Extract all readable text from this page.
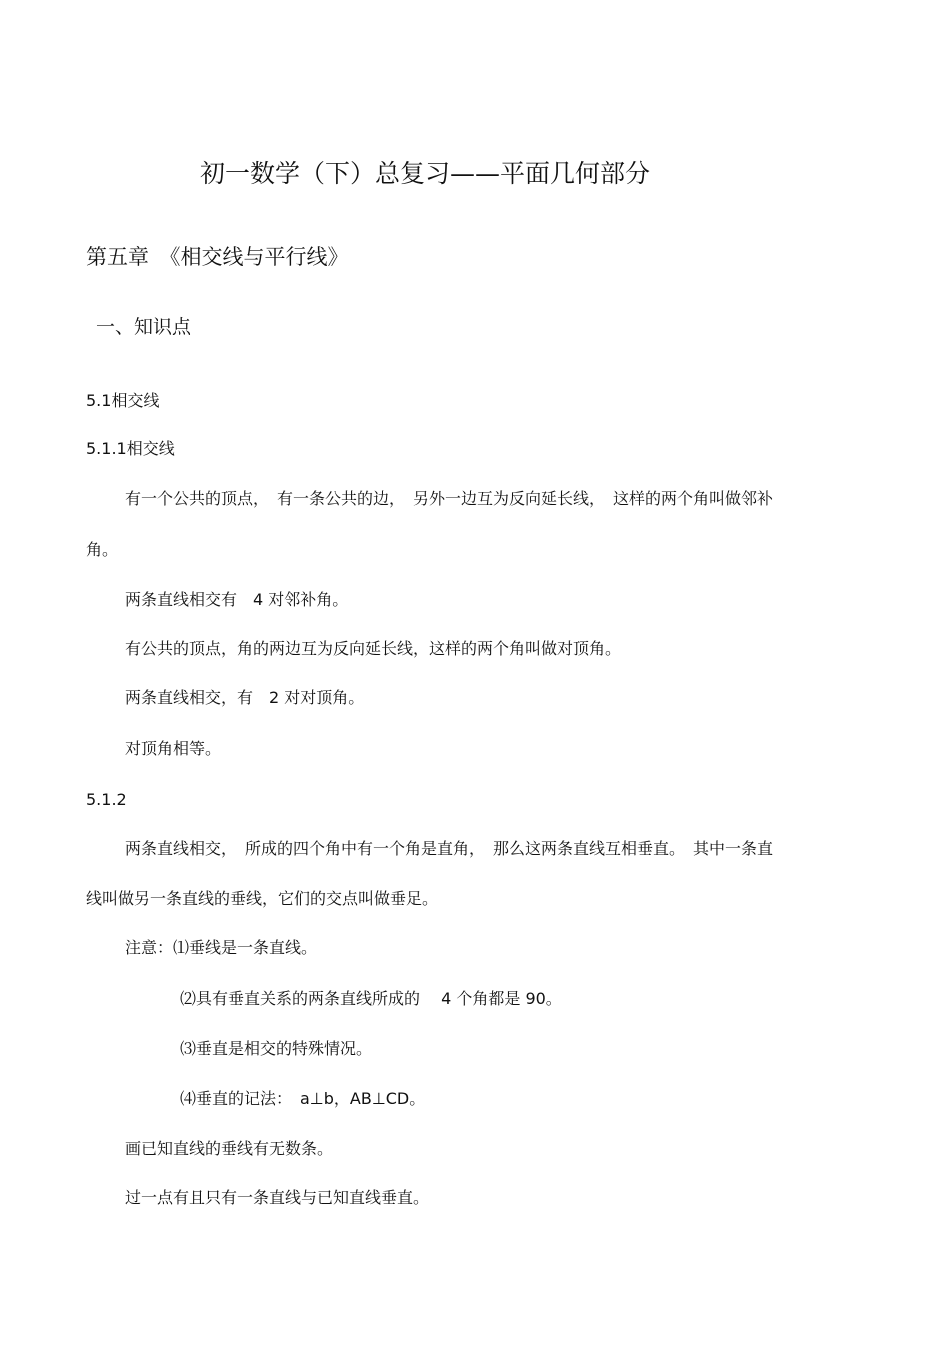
初一数学（下）总复习——平面几何部分
第五章　《相交线与平行线》
一、知识点
5.1相交线
5.1.1相交线
有一个公共的顶点，　有一条公共的边，　另外一边互为反向延长线，　这样的两个角叫做邻补
角。
两条直线相交有　4 对邻补角。
有公共的顶点，角的两边互为反向延长线，这样的两个角叫做对顶角。
两条直线相交，有　2 对对顶角。
对顶角相等。
5.1.2
两条直线相交，　所成的四个角中有一个角是直角，　那么这两条直线互相垂直。　其中一条直
线叫做另一条直线的垂线，它们的交点叫做垂足。
注意：⑴垂线是一条直线。
⑵具有垂直关系的两条直线所成的　 4 个角都是 90。
⑶垂直是相交的特殊情况。
⑷垂直的记法：　a⊥b，AB⊥CD。
画已知直线的垂线有无数条。
过一点有且只有一条直线与已知直线垂直。
